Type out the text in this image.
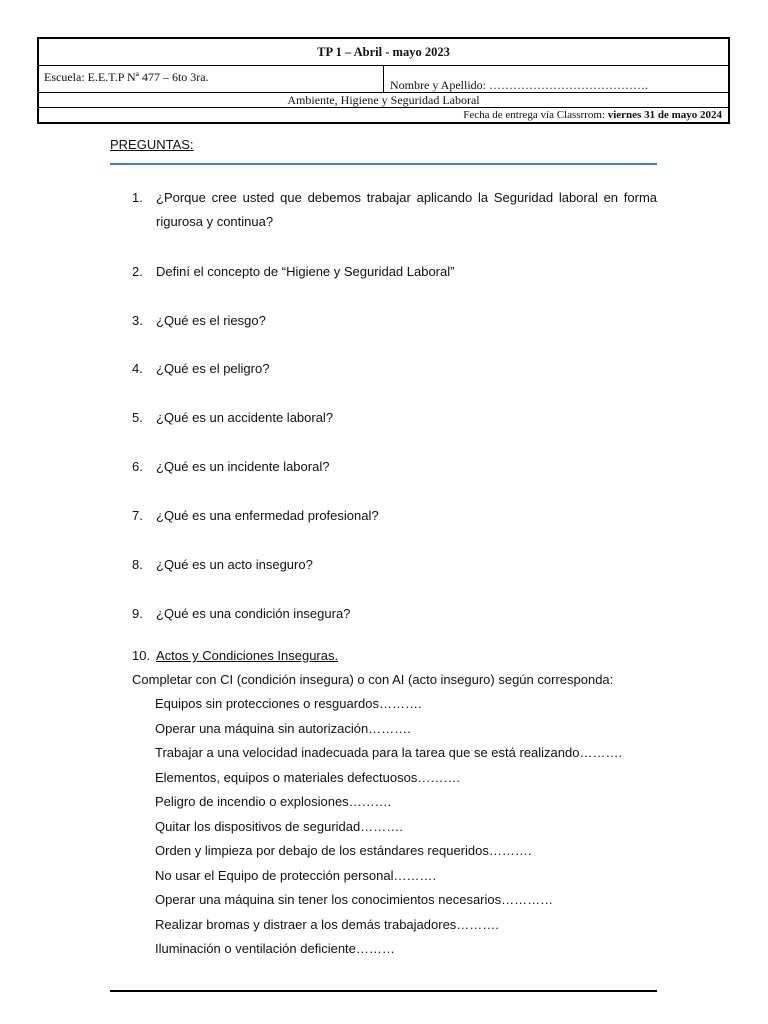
TP 1 – Abril - mayo 2023
Escuela: E.E.T.P Nª 477 – 6to 3ra.
Nombre y Apellido: ………………………………….
Ambiente, Higiene y Seguridad Laboral
Fecha de entrega vía Classrrom: viernes 31 de mayo 2024
PREGUNTAS:
1. ¿Porque cree usted que debemos trabajar aplicando la Seguridad laboral en forma rigurosa y continua?
2. Definí el concepto de “Higiene y Seguridad Laboral”
3. ¿Qué es el riesgo?
4. ¿Qué es el peligro?
5. ¿Qué es un accidente laboral?
6. ¿Qué es un incidente laboral?
7. ¿Qué es una enfermedad profesional?
8. ¿Qué es un acto inseguro?
9. ¿Qué es una condición insegura?
10. Actos y Condiciones Inseguras.
Completar con CI (condición insegura) o con AI (acto inseguro) según corresponda:
Equipos sin protecciones o resguardos……….
Operar una máquina sin autorización……….
Trabajar a una velocidad inadecuada para la tarea que se está realizando……….
Elementos, equipos o materiales defectuosos……….
Peligro de incendio o explosiones……….
Quitar los dispositivos de seguridad……….
Orden y limpieza por debajo de los estándares requeridos……….
No usar el Equipo de protección personal……….
Operar una máquina sin tener los conocimientos necesarios…………
Realizar bromas y distraer a los demás trabajadores……….
Iluminación o ventilación deficiente………
